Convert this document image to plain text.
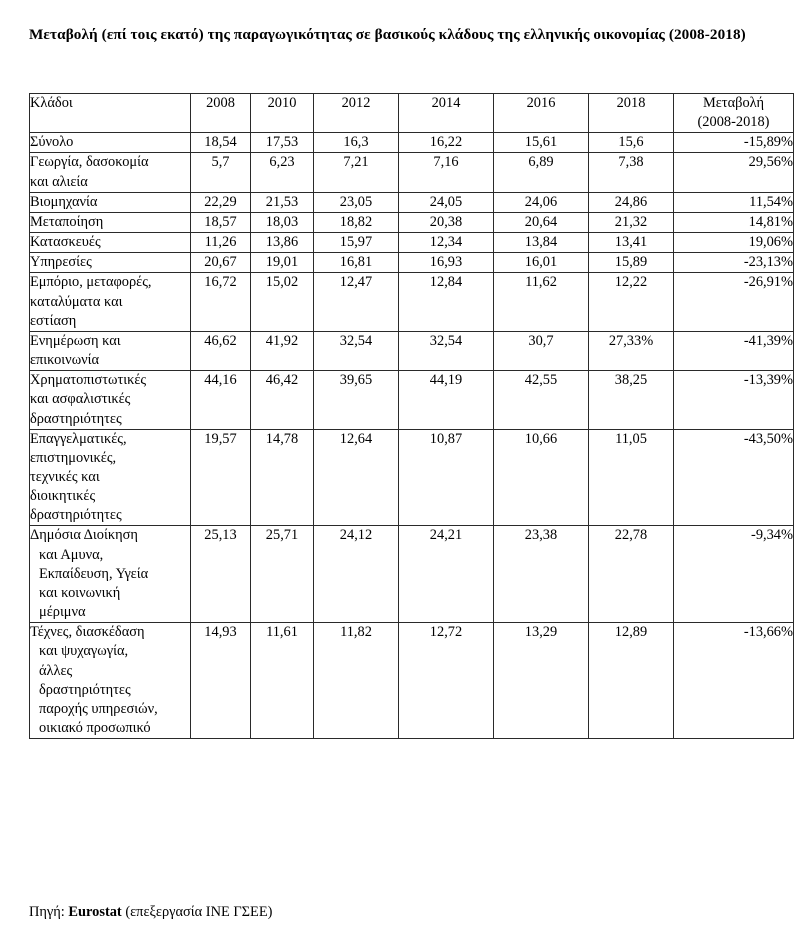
Μεταβολή (επί τοις εκατό) της παραγωγικότητας σε βασικούς κλάδους της ελληνικής οικονομίας (2008-2018)
Κλάδοι	2008	2010	2012	2014	2016	2018	Μεταβολή
(2008-2018)

Σύνολο	18,54	17,53	16,3	16,22	15,61	15,6	-15,89%

Γεωργία, δασοκομία
και αλιεία	5,7	6,23	7,21	7,16	6,89	7,38	29,56%

Βιομηχανία	22,29	21,53	23,05	24,05	24,06	24,86	11,54%

Μεταποίηση	18,57	18,03	18,82	20,38	20,64	21,32	14,81%

Κατασκευές	11,26	13,86	15,97	12,34	13,84	13,41	19,06%

Υπηρεσίες	20,67	19,01	16,81	16,93	16,01	15,89	-23,13%

Εμπόριο, μεταφορές,
καταλύματα και
εστίαση	16,72	15,02	12,47	12,84	11,62	12,22	-26,91%

Ενημέρωση και
επικοινωνία	46,62	41,92	32,54	32,54	30,7	27,33%	-41,39%

Χρηματοπιστωτικές
και ασφαλιστικές
δραστηριότητες	44,16	46,42	39,65	44,19	42,55	38,25	-13,39%

Επαγγελματικές,
επιστημονικές,
τεχνικές και
διοικητικές
δραστηριότητες	19,57	14,78	12,64	10,87	10,66	11,05	-43,50%

Δημόσια Διοίκηση
και Αμυνα,
Εκπαίδευση, Υγεία
και κοινωνική
μέριμνα	25,13	25,71	24,12	24,21	23,38	22,78	-9,34%

Τέχνες, διασκέδαση
και ψυχαγωγία,
άλλες
δραστηριότητες
παροχής υπηρεσιών,
οικιακό προσωπικό
	14,93	11,61	11,82	12,72	13,29	12,89	-13,66%
Πηγή: Eurostat (επεξεργασία ΙΝΕ ΓΣΕΕ)
